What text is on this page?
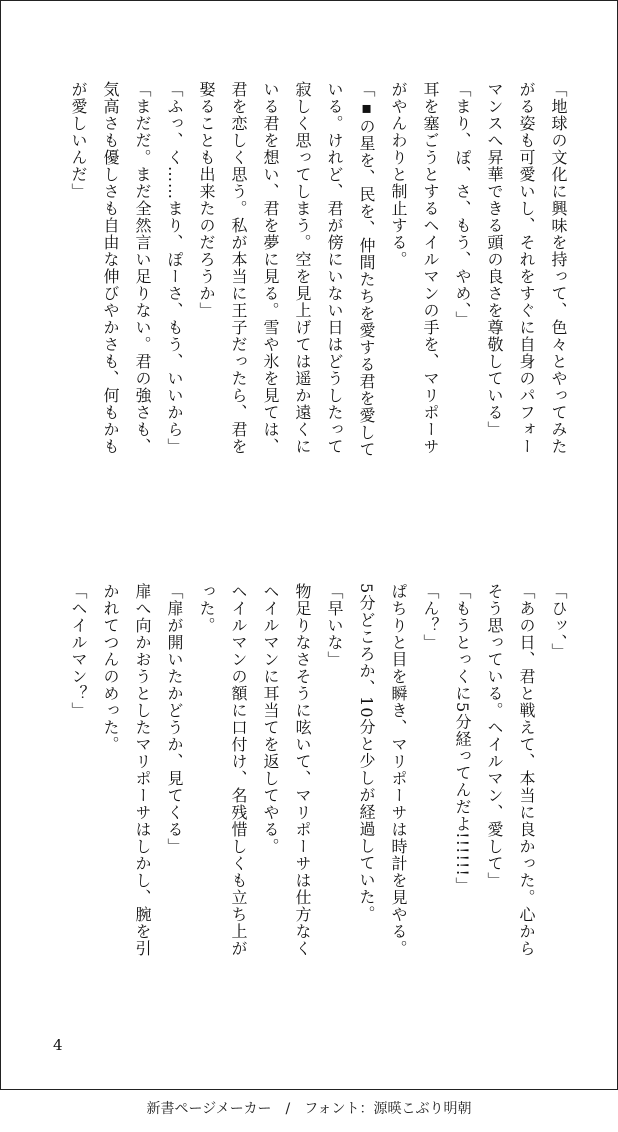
「地球の文化に興味を持って、色々とやってみた
がる姿も可愛いし、それをすぐに自身のパフォー
マンスへ昇華できる頭の良さを尊敬している」
「まり、ぽ、さ、もう、やめ、」
耳を塞ごうとするヘイルマンの手を、マリポーサ
がやんわりと制止する。
「▪の星を、民を、仲間たちを愛する君を愛して
いる。けれど、君が傍にいない日はどうしたって
寂しく思ってしまう。空を見上げては遥か遠くに
いる君を想い、君を夢に見る。雪や氷を見ては、
君を恋しく思う。私が本当に王子だったら、君を
娶ることも出来たのだろうか」
「ふっ、く……まり、ぽーさ、もう、いいから」
「まだだ。まだ全然言い足りない。君の強さも、
気高さも優しさも自由な伸びやかさも、何もかも
が愛しいんだ」
「ひッ、」
「あの日、君と戦えて、本当に良かった。心から
そう思っている。ヘイルマン、愛して」
「もうとっくに5分経ってんだよ!!!!!!」
「ん？」
ぱちりと目を瞬き、マリポーサは時計を見やる。
5分どころか、10分と少しが経過していた。
「早いな」
物足りなさそうに呟いて、マリポーサは仕方なく
ヘイルマンに耳当てを返してやる。
ヘイルマンの額に口付け、名残惜しくも立ち上が
った。
「扉が開いたかどうか、見てくる」
扉へ向かおうとしたマリポーサはしかし、腕を引
かれてつんのめった。
「ヘイルマン？」
4
新書ページメーカー　/　フォント：源暎こぶり明朝
